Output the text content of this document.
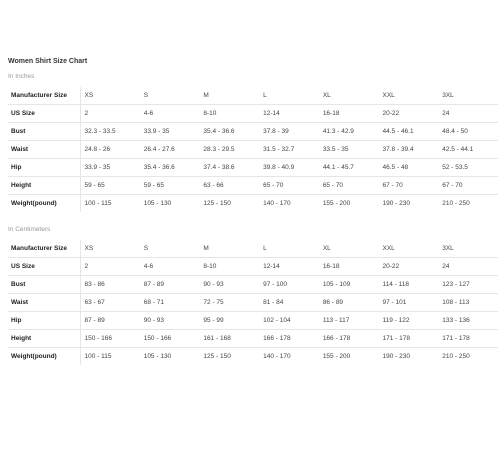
Women Shirt Size Chart
In Inches
Manufacturer Size	XS	S	M	L	XL	XXL	3XL
US Size	2	4-6	8-10	12-14	16-18	20-22	24
Bust	32.3 - 33.5	33.9 - 35	35.4 - 36.6	37.8 - 39	41.3 - 42.9	44.5 - 46.1	48.4 - 50
Waist	24.8 - 26	26.4 - 27.6	28.3 - 29.5	31.5 - 32.7	33.5 - 35	37.8 - 39.4	42.5 - 44.1
Hip	33.9 - 35	35.4 - 36.6	37.4 - 38.6	39.8 - 40.9	44.1 - 45.7	46.5 - 48	52 - 53.5
Height	59 - 65	59 - 65	63 - 66	65 - 70	65 - 70	67 - 70	67 - 70
Weight(pound)	100 - 115	105 - 130	125 - 150	140 - 170	155 - 200	190 - 230	210 - 250
In Centimeters
Manufacturer Size	XS	S	M	L	XL	XXL	3XL
US Size	2	4-6	8-10	12-14	16-18	20-22	24
Bust	83 - 86	87 - 89	90 - 93	97 - 100	105 - 109	114 - 118	123 - 127
Waist	63 - 67	68 - 71	72 - 75	81 - 84	86 - 89	97 - 101	108 - 113
Hip	87 - 89	90 - 93	95 - 99	102 - 104	113 - 117	119 - 122	133 - 136
Height	150 - 166	150 - 166	161 - 168	166 - 178	166 - 178	171 - 178	171 - 178
Weight(pound)	100 - 115	105 - 130	125 - 150	140 - 170	155 - 200	190 - 230	210 - 250
